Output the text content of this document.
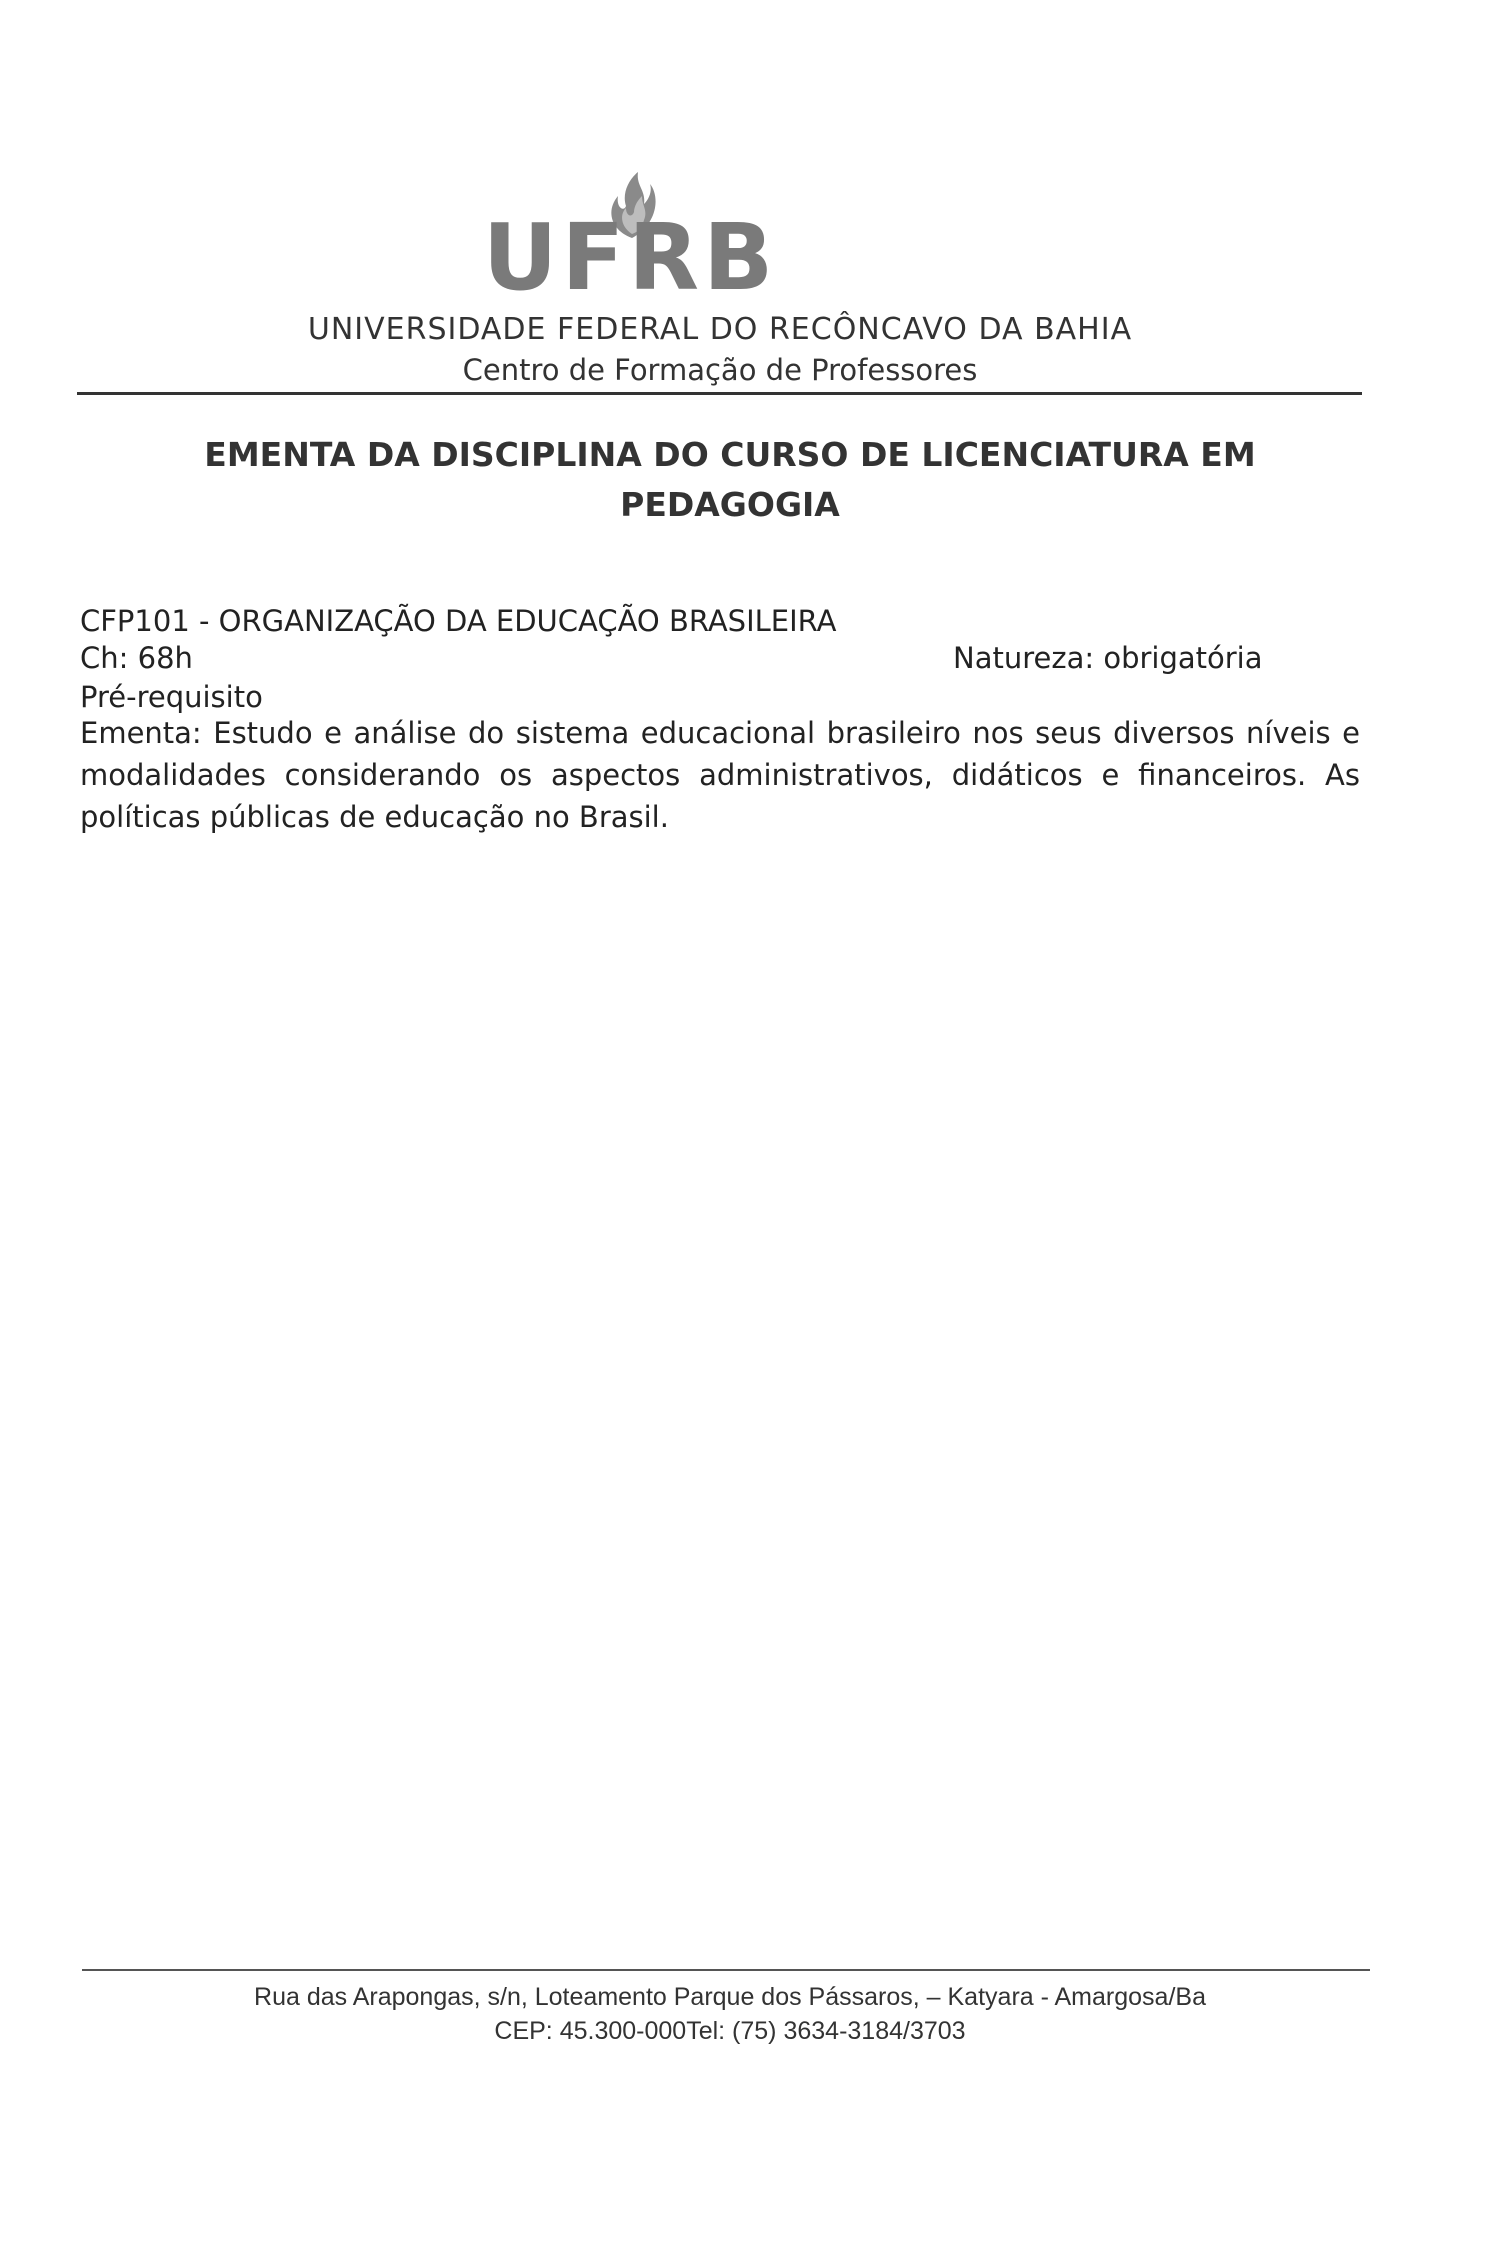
UFRB
UNIVERSIDADE FEDERAL DO RECÔNCAVO DA BAHIA
Centro de Formação de Professores
EMENTA DA DISCIPLINA DO CURSO DE LICENCIATURA EM
PEDAGOGIA
CFP101 - ORGANIZAÇÃO DA EDUCAÇÃO BRASILEIRA
Ch: 68h	Natureza: obrigatória
Pré-requisito
Ementa: Estudo e análise do sistema educacional brasileiro nos seus diversos níveis e modalidades considerando os aspectos administrativos, didáticos e financeiros. As políticas públicas de educação no Brasil.
Rua das Arapongas, s/n, Loteamento Parque dos Pássaros, – Katyara - Amargosa/Ba
CEP: 45.300-000Tel: (75) 3634-3184/3703
